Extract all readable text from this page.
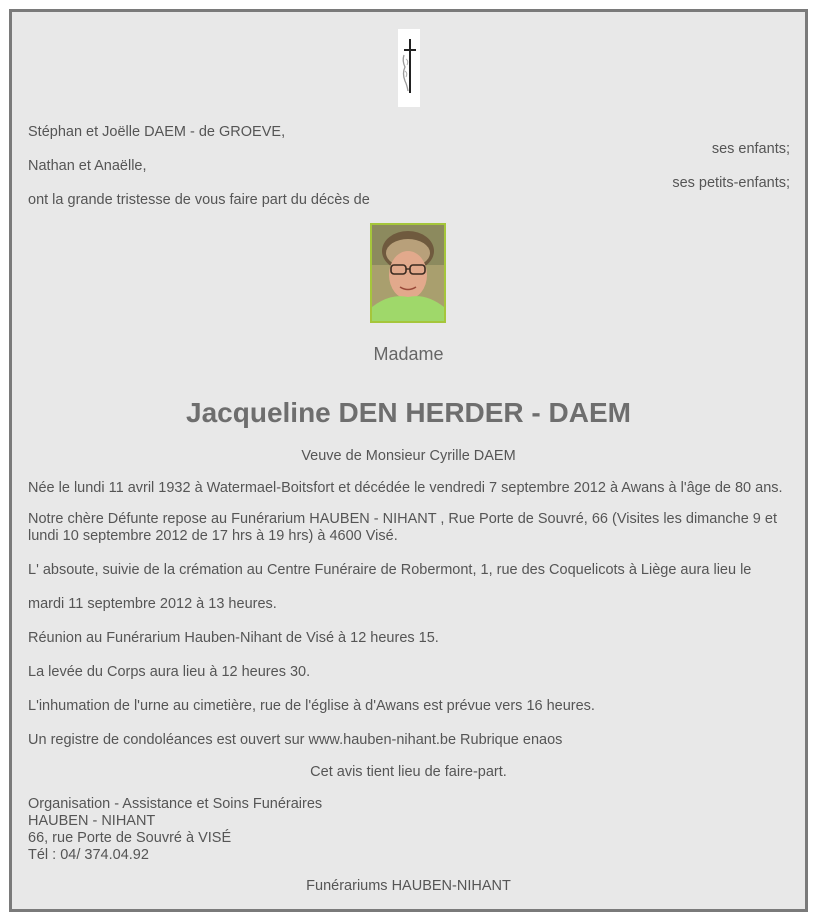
Stéphan et Joëlle DAEM - de GROEVE,
ses enfants;
Nathan et Anaëlle,
ses petits-enfants;
ont la grande tristesse de vous faire part du décès de
Madame
Jacqueline DEN HERDER - DAEM
Veuve de Monsieur Cyrille DAEM
Née le lundi 11 avril 1932 à Watermael-Boitsfort et décédée le vendredi 7 septembre 2012 à Awans à l'âge de 80 ans.
Notre chère Défunte repose au Funérarium HAUBEN - NIHANT , Rue Porte de Souvré, 66 (Visites les dimanche 9 et
lundi 10 septembre 2012 de 17 hrs à 19 hrs) à 4600 Visé.
L' absoute, suivie de la crémation au Centre Funéraire de Robermont, 1, rue des Coquelicots à Liège aura lieu le
mardi 11 septembre 2012 à 13 heures.
Réunion au Funérarium Hauben-Nihant de Visé à 12 heures 15.
La levée du Corps aura lieu à 12 heures 30.
L'inhumation de l'urne au cimetière, rue de l'église à d'Awans est prévue vers 16 heures.
Un registre de condoléances est ouvert sur www.hauben-nihant.be Rubrique enaos
Cet avis tient lieu de faire-part.
Organisation - Assistance et Soins Funéraires
HAUBEN - NIHANT
66, rue Porte de Souvré à VISÉ
Tél : 04/ 374.04.92
Funérariums HAUBEN-NIHANT
